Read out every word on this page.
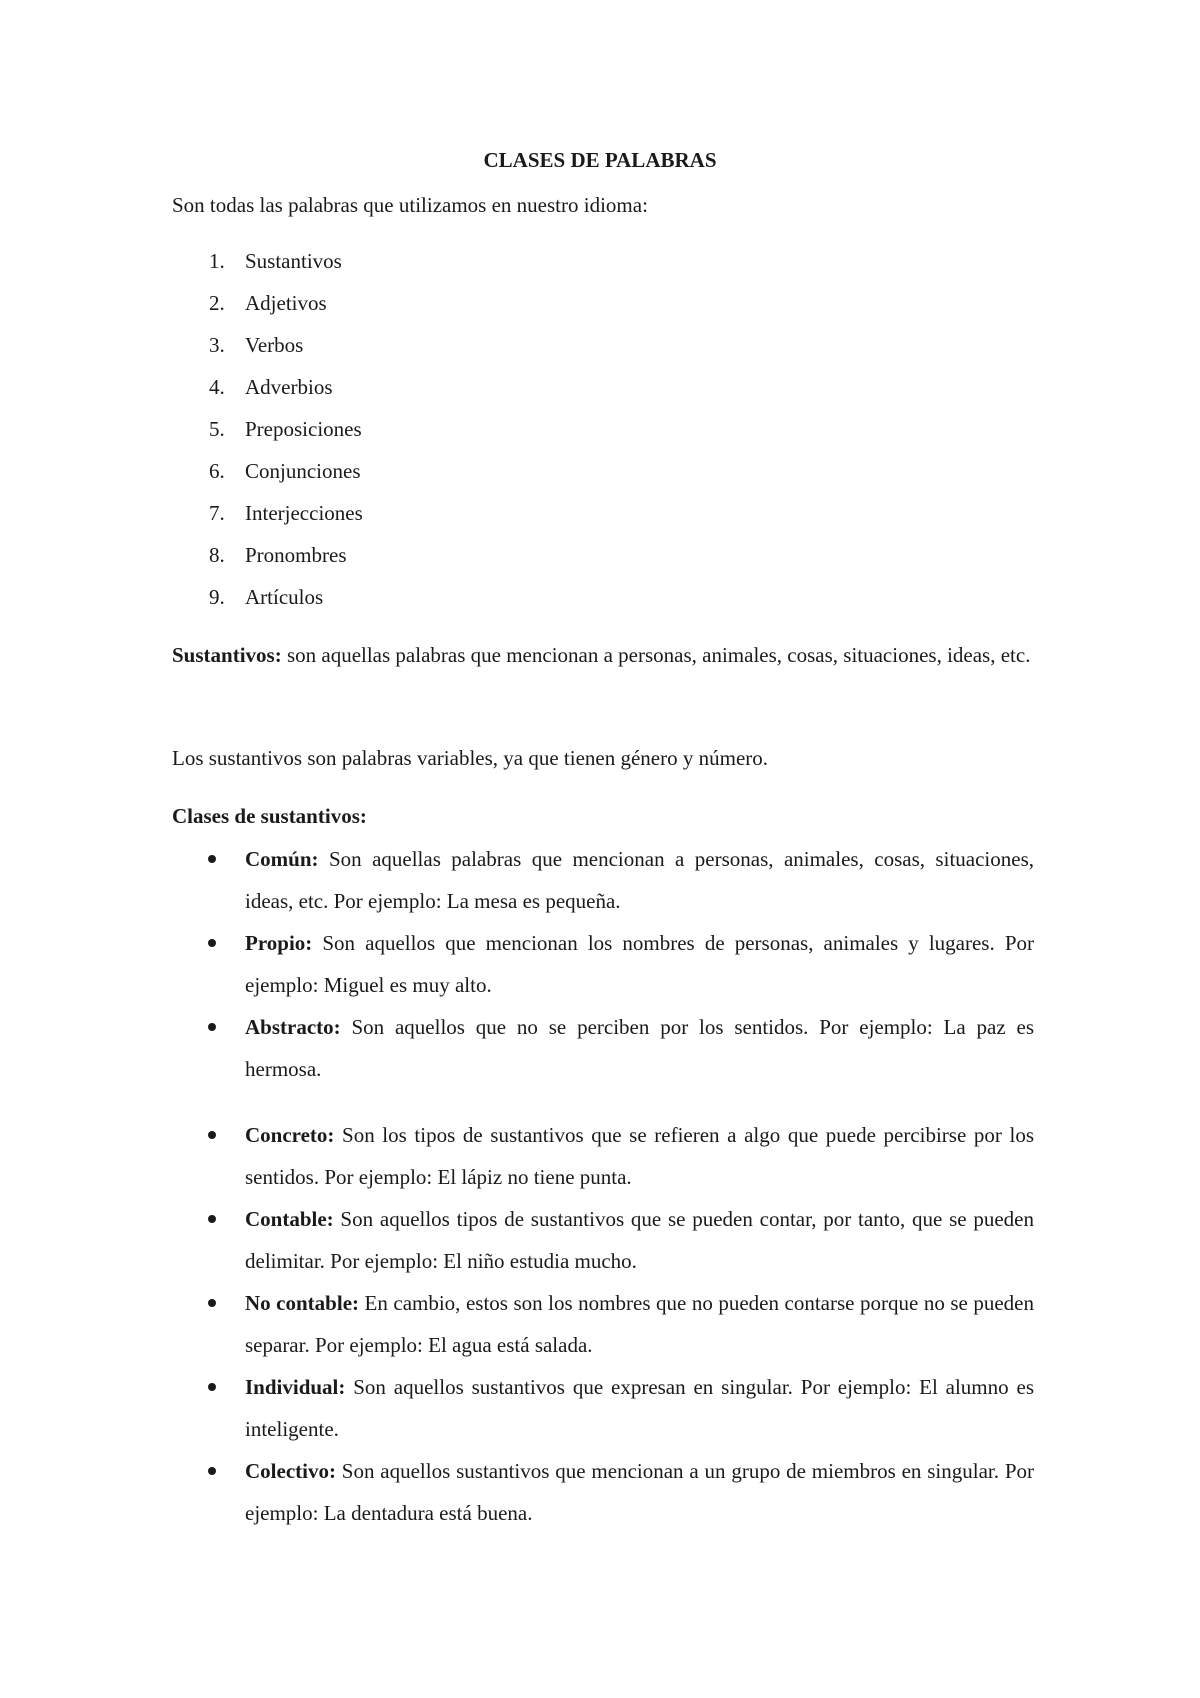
CLASES DE PALABRAS

Son todas las palabras que utilizamos en nuestro idioma:

1. Sustantivos
2. Adjetivos
3. Verbos
4. Adverbios
5. Preposiciones
6. Conjunciones
7. Interjecciones
8. Pronombres
9. Artículos

Sustantivos: son aquellas palabras que mencionan a personas, animales, cosas, situaciones, ideas, etc.

Los sustantivos son palabras variables, ya que tienen género y número.

Clases de sustantivos:

Común: Son aquellas palabras que mencionan a personas, animales, cosas, situaciones, ideas, etc. Por ejemplo: La mesa es pequeña.
Propio: Son aquellos que mencionan los nombres de personas, animales y lugares. Por ejemplo: Miguel es muy alto.
Abstracto: Son aquellos que no se perciben por los sentidos. Por ejemplo: La paz es hermosa.
Concreto: Son los tipos de sustantivos que se refieren a algo que puede percibirse por los sentidos. Por ejemplo: El lápiz no tiene punta.
Contable: Son aquellos tipos de sustantivos que se pueden contar, por tanto, que se pueden delimitar. Por ejemplo: El niño estudia mucho.
No contable: En cambio, estos son los nombres que no pueden contarse porque no se pueden separar. Por ejemplo: El agua está salada.
Individual: Son aquellos sustantivos que expresan en singular. Por ejemplo: El alumno es inteligente.
Colectivo: Son aquellos sustantivos que mencionan a un grupo de miembros en singular. Por ejemplo: La dentadura está buena.
